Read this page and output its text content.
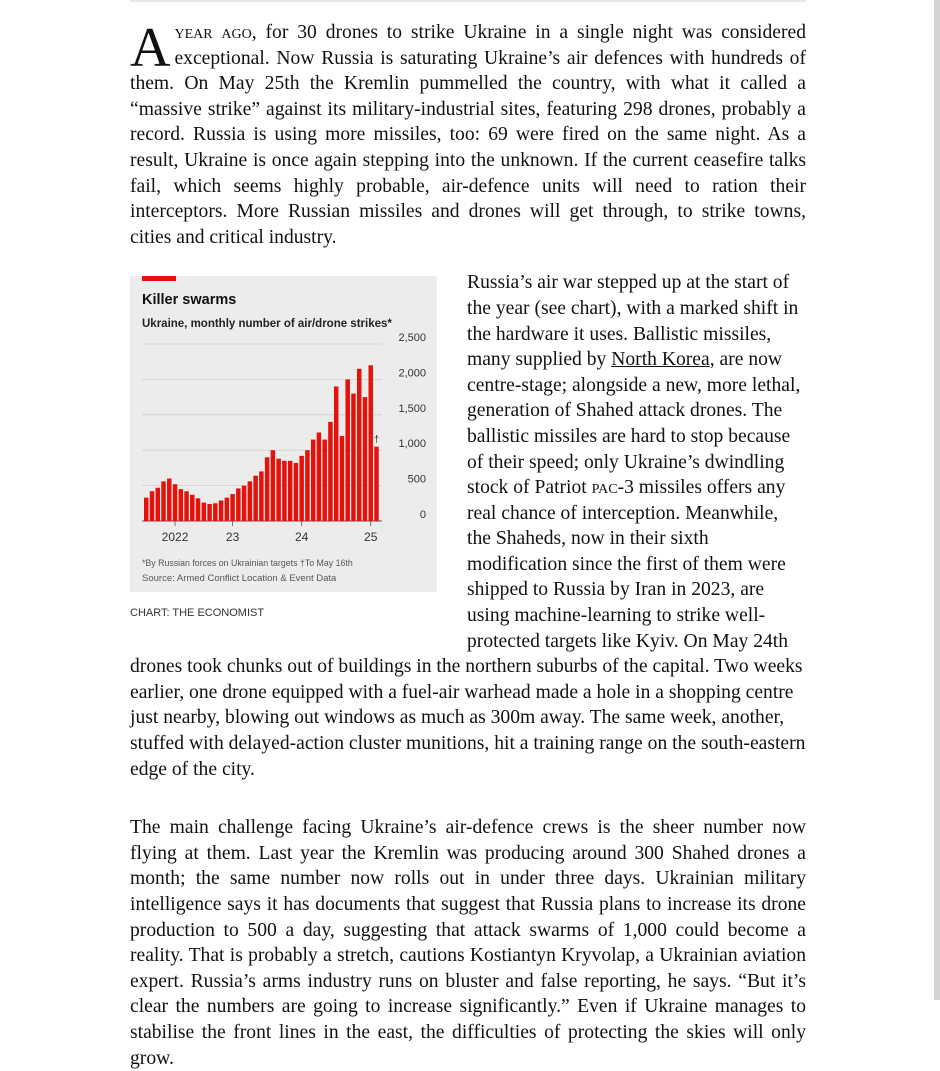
Ayear ago, for 30 drones to strike Ukraine in a single night was considered exceptional. Now Russia is saturating Ukraine’s air defences with hundreds of them. On May 25th the Kremlin pummelled the country, with what it called a “massive strike” against its military-industrial sites, featuring 298 drones, probably a record. Russia is using more missiles, too: 69 were fired on the same night. As a result, Ukraine is once again stepping into the unknown. If the current ceasefire talks fail, which seems highly probable, air-defence units will need to ration their interceptors. More Russian missiles and drones will get through, to strike towns, cities and critical industry.

Killer swarms
Ukraine, monthly number of air/drone strikes*
0
500
1,000
1,500
2,000
2,500
2022	23	24	25
†
*By Russian forces on Ukrainian targets †To May 16th
Source: Armed Conflict Location & Event Data
CHART: THE ECONOMIST

Russia’s air war stepped up at the start of the year (see chart), with a marked shift in the hardware it uses. Ballistic missiles, many supplied by North Korea, are now centre-stage; alongside a new, more lethal, generation of Shahed attack drones. The ballistic missiles are hard to stop because of their speed; only Ukraine’s dwindling stock of Patriot pac-3 missiles offers any real chance of interception. Meanwhile, the Shaheds, now in their sixth modification since the first of them were shipped to Russia by Iran in 2023, are using machine-learning to strike well-protected targets like Kyiv. On May 24th drones took chunks out of buildings in the northern suburbs of the capital. Two weeks earlier, one drone equipped with a fuel-air warhead made a hole in a shopping centre just nearby, blowing out windows as much as 300m away. The same week, another, stuffed with delayed-action cluster munitions, hit a training range on the south-eastern edge of the city.

The main challenge facing Ukraine’s air-defence crews is the sheer number now flying at them. Last year the Kremlin was producing around 300 Shahed drones a month; the same number now rolls out in under three days. Ukrainian military intelligence says it has documents that suggest that Russia plans to increase its drone production to 500 a day, suggesting that attack swarms of 1,000 could become a reality. That is probably a stretch, cautions Kostiantyn Kryvolap, a Ukrainian aviation expert. Russia’s arms industry runs on bluster and false reporting, he says. “But it’s clear the numbers are going to increase significantly.” Even if Ukraine manages to stabilise the front lines in the east, the difficulties of protecting the skies will only grow.
